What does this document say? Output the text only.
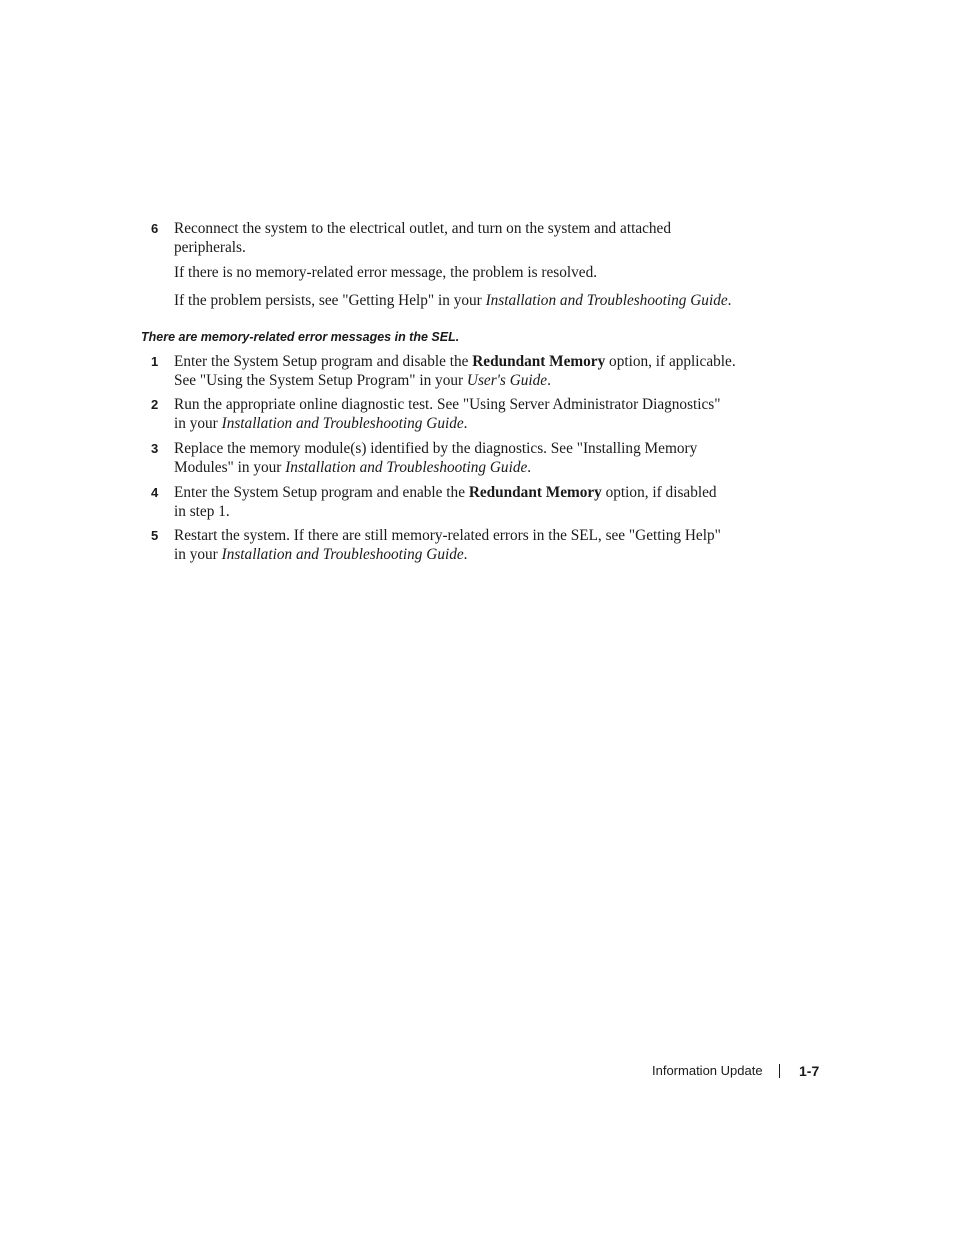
6 Reconnect the system to the electrical outlet, and turn on the system and attached
peripherals.
If there is no memory-related error message, the problem is resolved.
If the problem persists, see "Getting Help" in your Installation and Troubleshooting Guide.
There are memory-related error messages in the SEL.
1 Enter the System Setup program and disable the Redundant Memory option, if applicable.
See "Using the System Setup Program" in your User's Guide.
2 Run the appropriate online diagnostic test. See "Using Server Administrator Diagnostics"
in your Installation and Troubleshooting Guide.
3 Replace the memory module(s) identified by the diagnostics. See "Installing Memory
Modules" in your Installation and Troubleshooting Guide.
4 Enter the System Setup program and enable the Redundant Memory option, if disabled
in step 1.
5 Restart the system. If there are still memory-related errors in the SEL, see "Getting Help"
in your Installation and Troubleshooting Guide.
Information Update	1-7
